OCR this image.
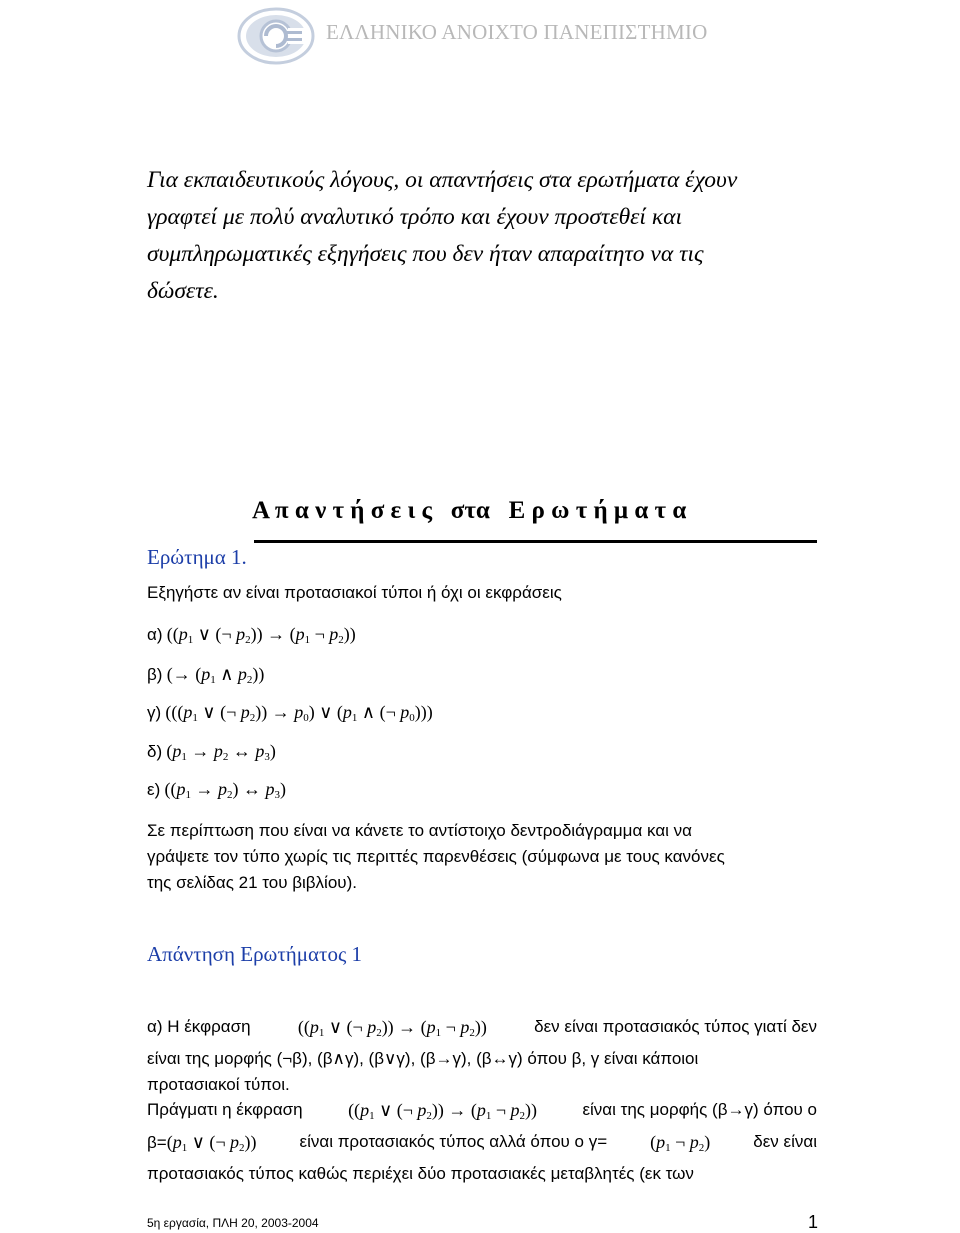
ΕΛΛΗΝΙΚΟ ΑΝΟΙΧΤΟ ΠΑΝΕΠΙΣΤΗΜΙΟ
Για εκπαιδευτικούς λόγους, οι απαντήσεις στα ερωτήματα έχουν
γραφτεί με πολύ αναλυτικό τρόπο και έχουν προστεθεί και
συμπληρωματικές εξηγήσεις που δεν ήταν απαραίτητο να τις
δώσετε.
Α π α ν τ ή σ ε ι ς   στα   Ε ρ ω τ ή μ α τ α
Ερώτημα 1.
Εξηγήστε αν είναι προτασιακοί τύποι ή όχι οι εκφράσεις
α) (($p_1$ ∨ (¬ $p_2)) \to (p_1$ ¬ $p_2$))
β) (→ ($p_1$ ∧ $p_2$))
γ) ((($p_1$ ∨ (¬ $p_2)) \to p_0$) ∨ ($p_1$ ∧ (¬ $p_0$)))
δ) ($p_1 \to p_2$ ↔ $p_3$)
ε) ($(p_1 \to p_2)$ ↔ $p_3$)
Σε περίπτωση που είναι να κάνετε το αντίστοιχο δεντροδιάγραμμα και να
γράψετε τον τύπο χωρίς τις περιττές παρενθέσεις (σύμφωνα με τους κανόνες
της σελίδας 21 του βιβλίου).
Απάντηση Ερωτήματος 1
α) Η έκφραση	(($p_1$ ∨ (¬ $p_2)) \to (p_1$ ¬ $p_2$))	δεν είναι προτασιακός τύπος γιατί δεν
είναι της μορφής (¬β), (β∧γ), (β∨γ), (β→γ), (β↔γ) όπου β, γ είναι κάποιοι
προτασιακοί τύποι.
Πράγματι η έκφραση	(($p_1$ ∨ (¬ $p_2)) \to (p_1$ ¬ $p_2$))	είναι της μορφής (β→γ) όπου ο
$\beta=(p_1$ ∨ (¬ $p_2$))	είναι προτασιακός τύπος αλλά όπου ο $\gamma= (p_1$ ¬ $p_2$)	δεν είναι
προτασιακός τύπος καθώς περιέχει δύο προτασιακές μεταβλητές (εκ των
5η εργασία, ΠΛΗ 20, 2003-2004	1
